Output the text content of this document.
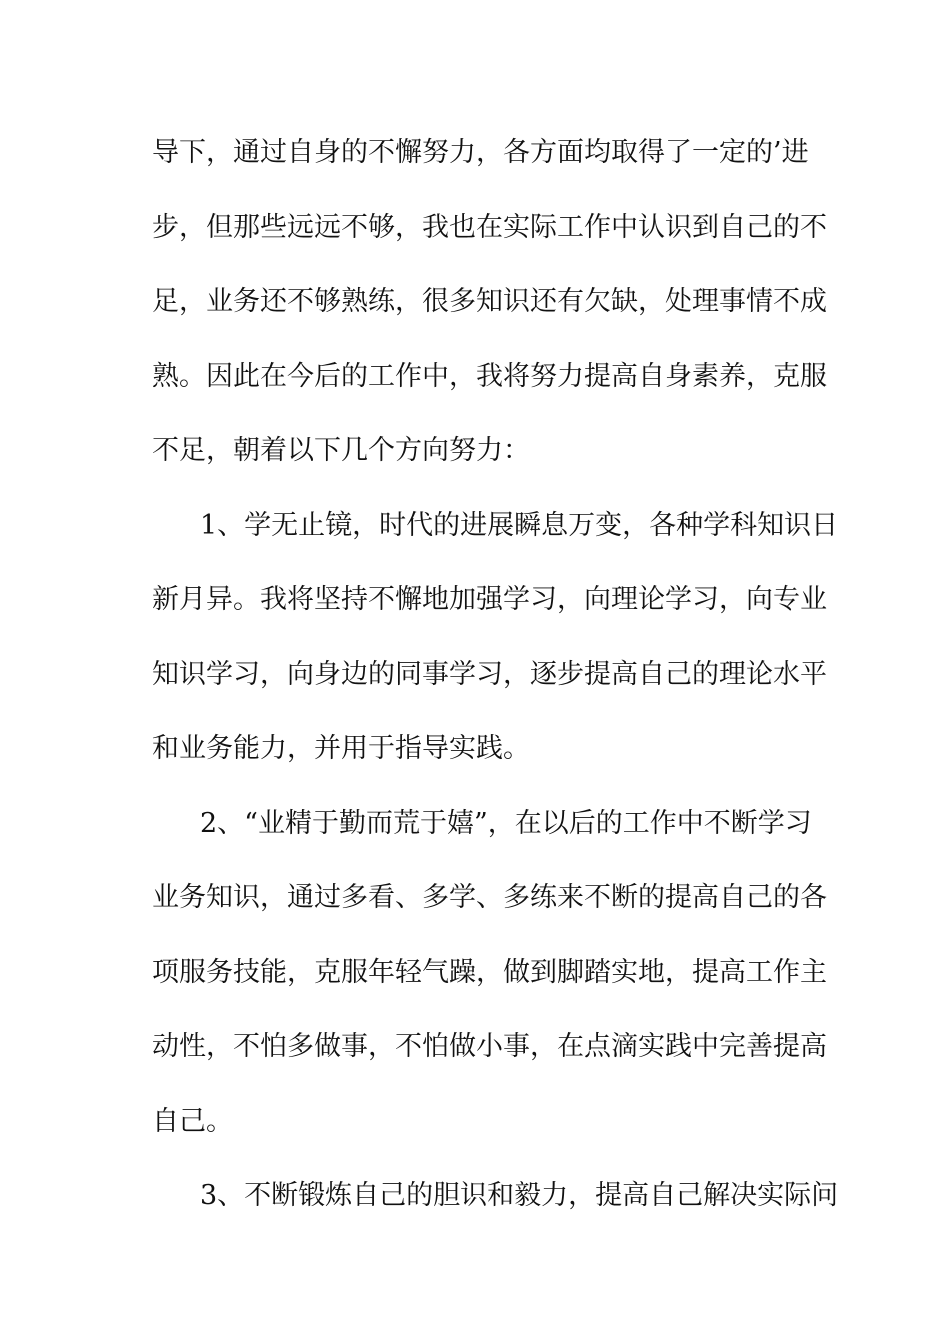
导下，通过自身的不懈努力，各方面均取得了一定的’进
步，但那些远远不够，我也在实际工作中认识到自己的不
足，业务还不够熟练，很多知识还有欠缺，处理事情不成
熟。因此在今后的工作中，我将努力提高自身素养，克服
不足，朝着以下几个方向努力：
1、学无止镜，时代的进展瞬息万变，各种学科知识日
新月异。我将坚持不懈地加强学习，向理论学习，向专业
知识学习，向身边的同事学习，逐步提高自己的理论水平
和业务能力，并用于指导实践。
2、“业精于勤而荒于嬉”，在以后的工作中不断学习
业务知识，通过多看、多学、多练来不断的提高自己的各
项服务技能，克服年轻气躁，做到脚踏实地，提高工作主
动性，不怕多做事，不怕做小事，在点滴实践中完善提高
自己。
3、不断锻炼自己的胆识和毅力，提高自己解决实际问
